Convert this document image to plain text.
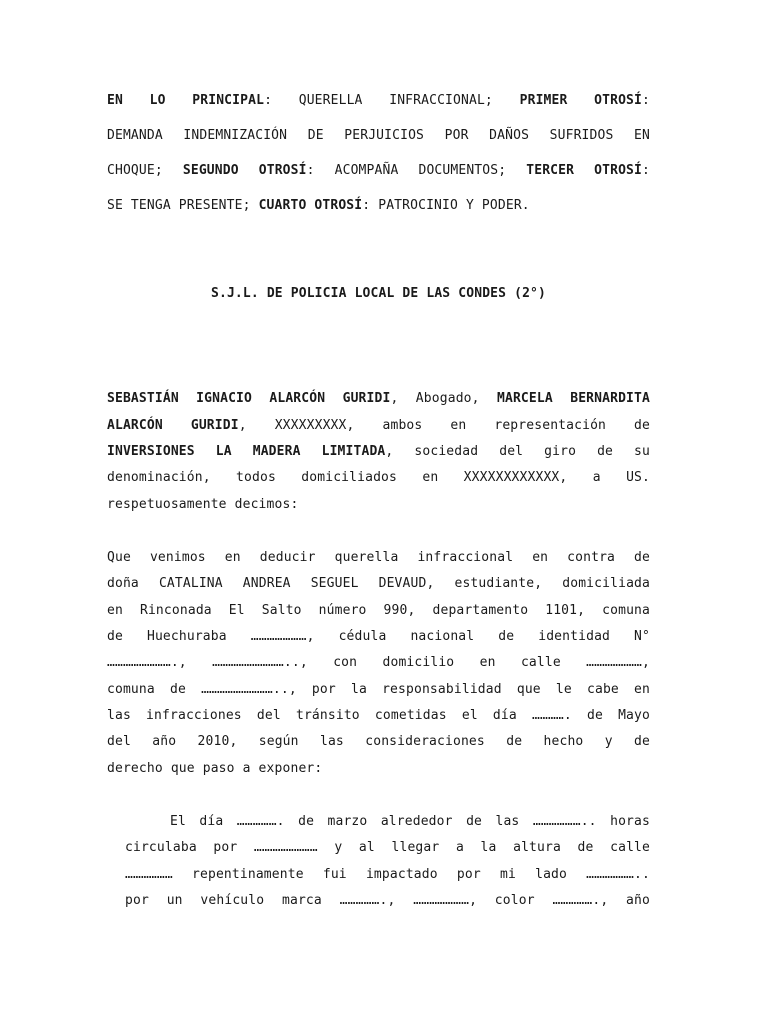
EN LO PRINCIPAL: QUERELLA INFRACCIONAL; PRIMER OTROSÍ:
DEMANDA INDEMNIZACIÓN DE PERJUICIOS POR DAÑOS SUFRIDOS EN
CHOQUE; SEGUNDO OTROSÍ: ACOMPAÑA DOCUMENTOS; TERCER OTROSÍ:
SE TENGA PRESENTE; CUARTO OTROSÍ: PATROCINIO Y PODER.
S.J.L. DE POLICIA LOCAL DE LAS CONDES (2°)
SEBASTIÁN IGNACIO ALARCÓN GURIDI, Abogado, MARCELA BERNARDITA
ALARCÓN GURIDI, XXXXXXXXX, ambos en representación de
INVERSIONES LA MADERA LIMITADA, sociedad del giro de su
denominación, todos domiciliados en XXXXXXXXXXXX, a US.
respetuosamente decimos:
Que venimos en deducir querella infraccional en contra de
doña CATALINA ANDREA SEGUEL DEVAUD, estudiante, domiciliada
en Rinconada El Salto número 990, departamento 1101, comuna
de Huechuraba …………………, cédula nacional de identidad N°
……………………., ……………………….., con domicilio en calle …………………,
comuna de ……………………….., por la responsabilidad que le cabe en
las infracciones del tránsito cometidas el día …………. de Mayo
del año 2010, según las consideraciones de hecho y de
derecho que paso a exponer:
El día ……………. de marzo alrededor de las ……………….. horas
circulaba por …………………… y al llegar a la altura de calle
……………… repentinamente fui impactado por mi lado ………………..
por un vehículo marca ……………., …………………, color ……………., año
